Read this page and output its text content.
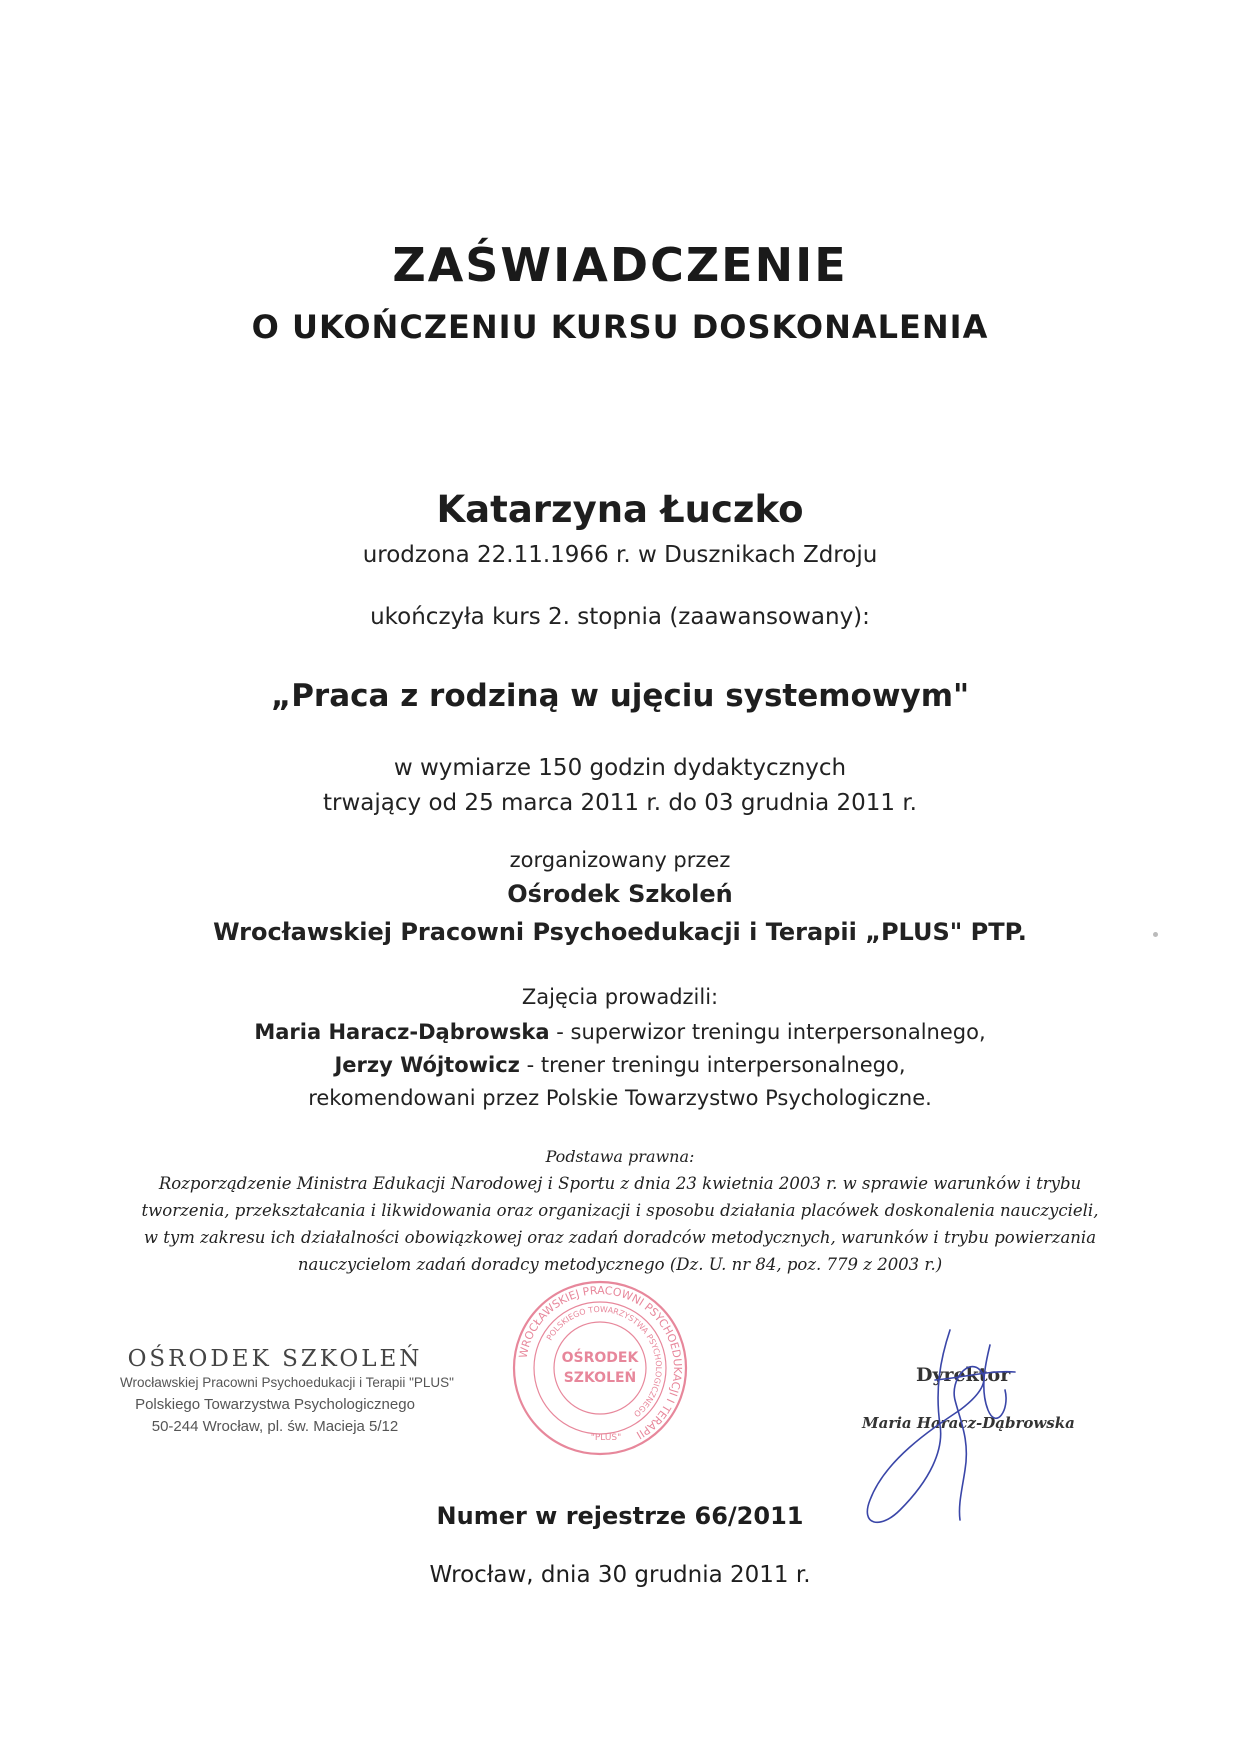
ZAŚWIADCZENIE
O UKOŃCZENIU KURSU DOSKONALENIA
Katarzyna Łuczko
urodzona 22.11.1966 r. w Dusznikach Zdroju
ukończyła kurs 2. stopnia (zaawansowany):
„Praca z rodziną w ujęciu systemowym"
w wymiarze 150 godzin dydaktycznych
trwający od 25 marca 2011 r. do 03 grudnia 2011 r.
zorganizowany przez
Ośrodek Szkoleń
Wrocławskiej Pracowni Psychoedukacji i Terapii „PLUS" PTP.
Zajęcia prowadzili:
Maria Haracz-Dąbrowska - superwizor treningu interpersonalnego,
Jerzy Wójtowicz - trener treningu interpersonalnego,
rekomendowani przez Polskie Towarzystwo Psychologiczne.
Podstawa prawna:
Rozporządzenie Ministra Edukacji Narodowej i Sportu z dnia 23 kwietnia 2003 r. w sprawie warunków i trybu
tworzenia, przekształcania i likwidowania oraz organizacji i sposobu działania placówek doskonalenia nauczycieli,
w tym zakresu ich działalności obowiązkowej oraz zadań doradców metodycznych, warunków i trybu powierzania
nauczycielom zadań doradcy metodycznego (Dz. U. nr 84, poz. 779 z 2003 r.)
OŚRODEK SZKOLEŃ
Wrocławskiej Pracowni Psychoedukacji i Terapii "PLUS"
Polskiego Towarzystwa Psychologicznego
50-244 Wrocław, pl. św. Macieja 5/12
WROCŁAWSKIEJ PRACOWNI PSYCHOEDUKACJI I TERAPII
POLSKIEGO TOWARZYSTWA PSYCHOLOGICZNEGO
OŚRODEK
SZKOLEŃ
"PLUS"
Dyrektor
Maria Haracz-Dąbrowska
Numer w rejestrze 66/2011
Wrocław, dnia 30 grudnia 2011 r.
